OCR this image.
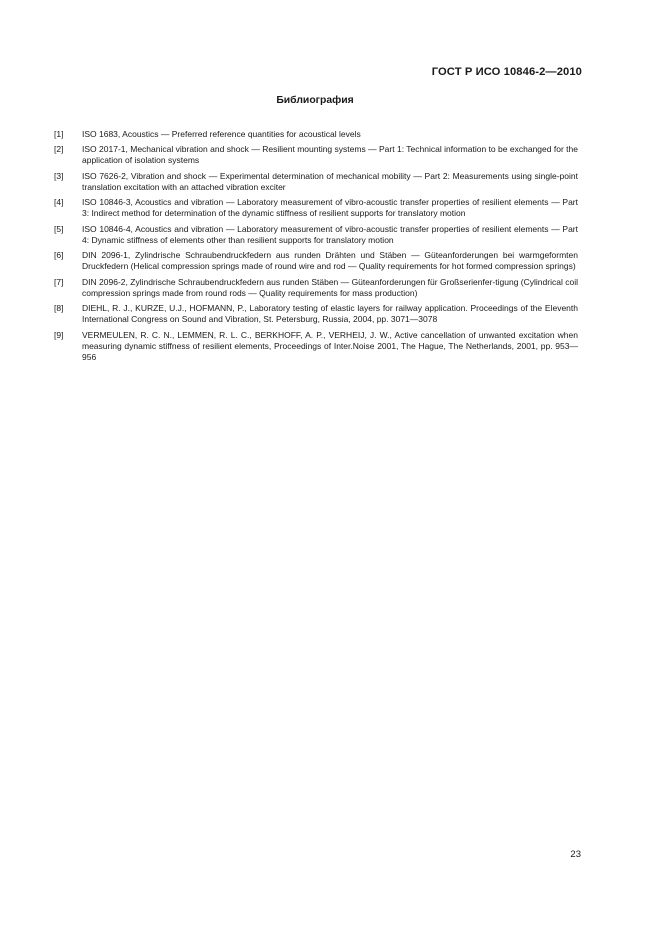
ГОСТ Р ИСО 10846-2—2010
Библиография
[1]	ISO 1683, Acoustics — Preferred reference quantities for acoustical levels
[2]	ISO 2017-1, Mechanical vibration and shock — Resilient mounting systems — Part 1: Technical information to be exchanged for the application of isolation systems
[3]	ISO 7626-2, Vibration and shock — Experimental determination of mechanical mobility — Part 2: Measurements using single-point translation excitation with an attached vibration exciter
[4]	ISO 10846-3, Acoustics and vibration — Laboratory measurement of vibro-acoustic transfer properties of resilient elements — Part 3: Indirect method for determination of the dynamic stiffness of resilient supports for translatory motion
[5]	ISO 10846-4, Acoustics and vibration — Laboratory measurement of vibro-acoustic transfer properties of resilient elements — Part 4: Dynamic stiffness of elements other than resilient supports for translatory motion
[6]	DIN 2096-1, Zylindrische Schraubendruckfedern aus runden Drähten und Stäben — Güteanforderungen bei warmgeformten Druckfedern (Helical compression springs made of round wire and rod — Quality requirements for hot formed compression springs)
[7]	DIN 2096-2, Zylindrische Schraubendruckfedern aus runden Stäben — Güteanforderungen für Großserienfer-tigung (Cylindrical coil compression springs made from round rods — Quality requirements for mass production)
[8]	DIEHL, R. J., KURZE, U.J., HOFMANN, P., Laboratory testing of elastic layers for railway application. Proceedings of the Eleventh International Congress on Sound and Vibration, St. Petersburg, Russia, 2004, pp. 3071—3078
[9]	VERMEULEN, R. C. N., LEMMEN, R. L. C., BERKHOFF, A. P., VERHEIJ, J. W., Active cancellation of unwanted excitation when measuring dynamic stiffness of resilient elements, Proceedings of Inter.Noise 2001, The Hague, The Netherlands, 2001, pp. 953—956
23
